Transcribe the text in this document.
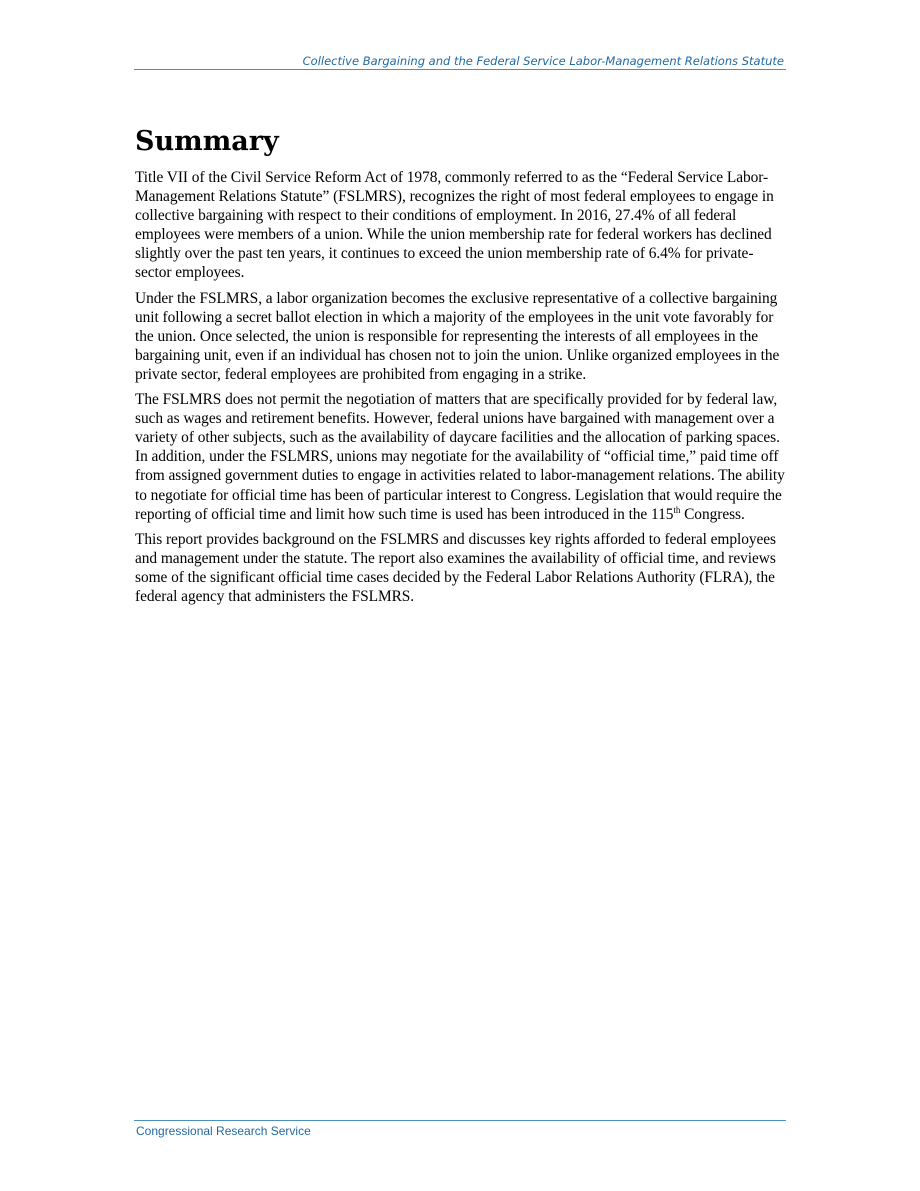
Collective Bargaining and the Federal Service Labor-Management Relations Statute
Summary

Title VII of the Civil Service Reform Act of 1978, commonly referred to as the “Federal Service Labor-Management Relations Statute” (FSLMRS), recognizes the right of most federal employees to engage in collective bargaining with respect to their conditions of employment. In 2016, 27.4% of all federal employees were members of a union. While the union membership rate for federal workers has declined slightly over the past ten years, it continues to exceed the union membership rate of 6.4% for private-sector employees.

Under the FSLMRS, a labor organization becomes the exclusive representative of a collective bargaining unit following a secret ballot election in which a majority of the employees in the unit vote favorably for the union. Once selected, the union is responsible for representing the interests of all employees in the bargaining unit, even if an individual has chosen not to join the union. Unlike organized employees in the private sector, federal employees are prohibited from engaging in a strike.

The FSLMRS does not permit the negotiation of matters that are specifically provided for by federal law, such as wages and retirement benefits. However, federal unions have bargained with management over a variety of other subjects, such as the availability of daycare facilities and the allocation of parking spaces. In addition, under the FSLMRS, unions may negotiate for the availability of “official time,” paid time off from assigned government duties to engage in activities related to labor-management relations. The ability to negotiate for official time has been of particular interest to Congress. Legislation that would require the reporting of official time and limit how such time is used has been introduced in the 115th Congress.

This report provides background on the FSLMRS and discusses key rights afforded to federal employees and management under the statute. The report also examines the availability of official time, and reviews some of the significant official time cases decided by the Federal Labor Relations Authority (FLRA), the federal agency that administers the FSLMRS.

Congressional Research Service
